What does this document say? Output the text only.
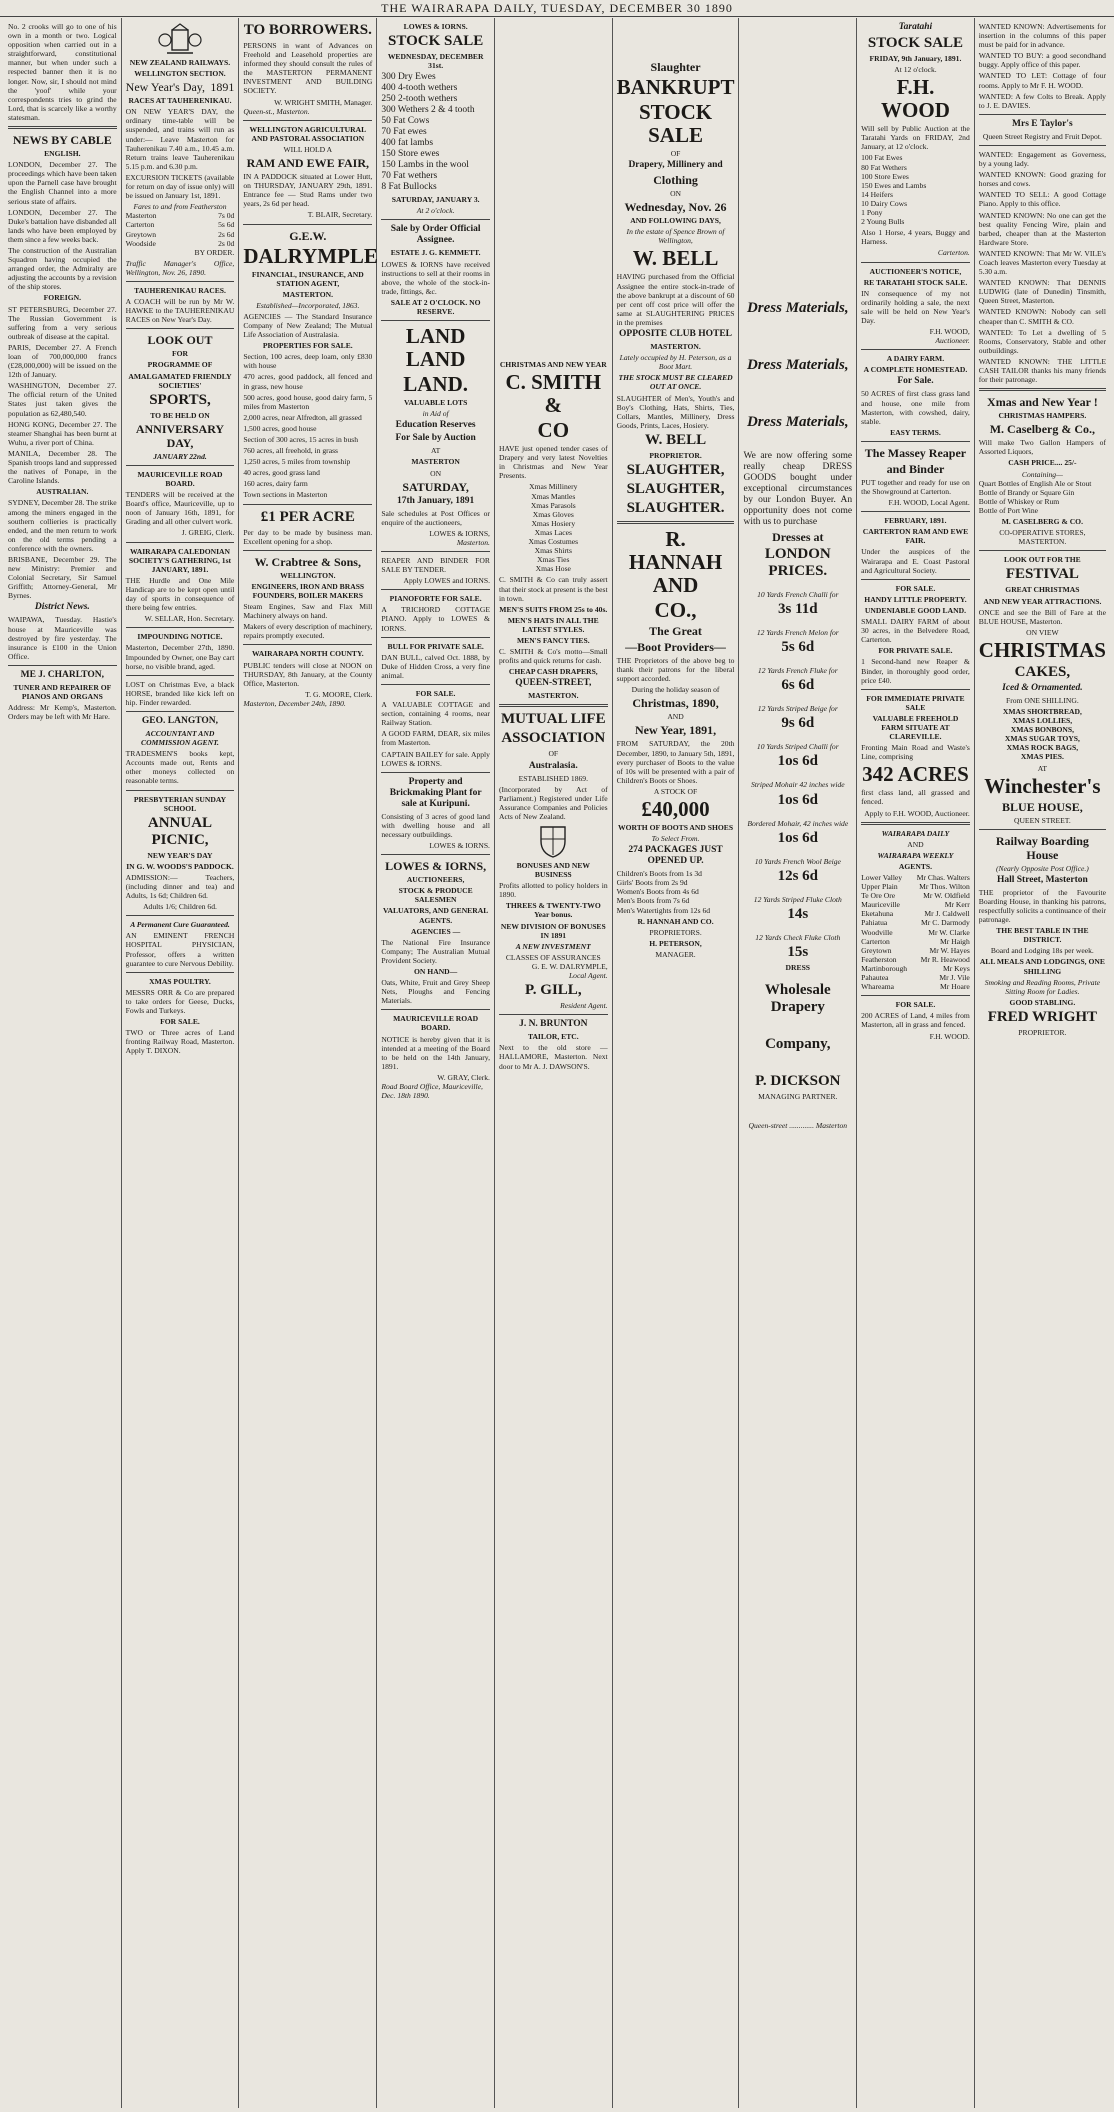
THE WAIRARAPA DAILY, TUESDAY, DECEMBER 30 1890
No. 2 crooks will go to one of his own in a month or two. Logical opposition when carried out in a straightforward, constitutional manner, but when under such a respected banner then it is no longer. Now, sir, I should not mind the 'yoof' while your correspondents tries to grind the Lord, that is scarcely like a worthy statesman.
NEWS BY CABLE
ENGLISH.
LONDON, December 27. The proceedings which have been taken upon the Parnell case have brought the English Channel into a more serious state of affairs.
LONDON, December 27. The Duke's battalion have disbanded all lands who have been employed by them since a few weeks back.
The construction of the Australian Squadron having occupied the arranged order, the Admiralty are adjusting the accounts by a revision of the ship stores.
FOREIGN.
ST PETERSBURG, December 27. The Russian Government is suffering from a very serious outbreak of disease at the capital.
PARIS, December 27. A French loan of 700,000,000 francs (£28,000,000) will be issued on the 12th of January.
WASHINGTON, December 27. The official return of the United States just taken gives the population as 62,480,540.
HONG KONG, December 27. The steamer Shanghai has been burnt at Wuhu, a river port of China.
MANILA, December 28. The Spanish troops land and suppressed the natives of Ponape, in the Caroline Islands.
AUSTRALIAN.
SYDNEY, December 28. The strike among the miners engaged in the southern collieries is practically ended, and the men return to work on the old terms pending a conference with the owners.
BRISBANE, December 29. The new Ministry: Premier and Colonial Secretary, Sir Samuel Griffith; Attorney-General, Mr Byrnes.
District News.
WAIPAWA, Tuesday. Hastie's house at Mauriceville was destroyed by fire yesterday. The insurance is £100 in the Union Office.
ME J. CHARLTON,
TUNER AND REPAIRER OF PIANOS AND ORGANS
Address: Mr Kemp's, Masterton. Orders may be left with Mr Hare.
NEW ZEALAND RAILWAYS.
WELLINGTON SECTION.
New Year's Day, 1891
RACES AT TAUHERENIKAU.
ON NEW YEAR'S DAY, the ordinary time-table will be suspended, and trains will run as under:— Leave Masterton for Tauherenikau 7.40 a.m., 10.45 a.m. Return trains leave Tauherenikau 5.15 p.m. and 6.30 p.m.
EXCURSION TICKETS (available for return on day of issue only) will be issued on January 1st, 1891.
Fares to and from Featherston
Masterton	7s 0d
Carterton	5s 6d
Greytown	2s 6d
Woodside	2s 0d
BY ORDER.
Traffic Manager's Office, Wellington, Nov. 26, 1890.
TAUHERENIKAU RACES.
A COACH will be run by Mr W. HAWKE to the TAUHERENIKAU RACES on New Year's Day.
LOOK OUT
FOR
PROGRAMME OF
AMALGAMATED FRIENDLY SOCIETIES'
SPORTS,
TO BE HELD ON
ANNIVERSARY DAY,
JANUARY 22nd.
MAURICEVILLE ROAD BOARD.
TENDERS will be received at the Board's office, Mauriceville, up to noon of January 16th, 1891, for Grading and all other culvert work.
J. GREIG, Clerk.
WAIRARAPA CALEDONIAN SOCIETY'S GATHERING, 1st JANUARY, 1891.
THE Hurdle and One Mile Handicap are to be kept open until day of sports in consequence of there being few entries.
W. SELLAR, Hon. Secretary.
IMPOUNDING NOTICE.
Masterton, December 27th, 1890. Impounded by Owner, one Bay cart horse, no visible brand, aged.
LOST on Christmas Eve, a black HORSE, branded like kick left on hip. Finder rewarded.
GEO. LANGTON,
ACCOUNTANT AND COMMISSION AGENT.
TRADESMEN'S books kept, Accounts made out, Rents and other moneys collected on reasonable terms.
PRESBYTERIAN SUNDAY SCHOOL
ANNUAL PICNIC,
NEW YEAR'S DAY
IN G. W. WOODS'S PADDOCK.
ADMISSION:— Teachers, (including dinner and tea) and Adults, 1s 6d; Children 6d.
Adults 1/6; Children 6d.
A Permanent Cure Guaranteed.
AN EMINENT FRENCH HOSPITAL PHYSICIAN, Professor, offers a written guarantee to cure Nervous Debility.
XMAS POULTRY.
MESSRS ORR & Co are prepared to take orders for Geese, Ducks, Fowls and Turkeys.
FOR SALE.
TWO or Three acres of Land fronting Railway Road, Masterton. Apply T. DIXON.
TO BORROWERS.
PERSONS in want of Advances on Freehold and Leasehold properties are informed they should consult the rules of the MASTERTON PERMANENT INVESTMENT AND BUILDING SOCIETY.
W. WRIGHT SMITH, Manager.
Queen-st., Masterton.
WELLINGTON AGRICULTURAL AND PASTORAL ASSOCIATION
WILL HOLD A
RAM AND EWE FAIR,
IN A PADDOCK situated at Lower Hutt, on THURSDAY, JANUARY 29th, 1891. Entrance fee — Stud Rams under two years, 2s 6d per head.
T. BLAIR, Secretary.
G.E.W.
DALRYMPLE
FINANCIAL, INSURANCE, AND STATION AGENT,
MASTERTON.
Established—Incorporated, 1863.
AGENCIES — The Standard Insurance Company of New Zealand; The Mutual Life Association of Australasia.
PROPERTIES FOR SALE.
Section, 100 acres, deep loam, only £830 with house
470 acres, good paddock, all fenced and in grass, new house
500 acres, good house, good dairy farm, 5 miles from Masterton
2,000 acres, near Alfredton, all grassed
1,500 acres, good house
Section of 300 acres, 15 acres in bush
760 acres, all freehold, in grass
1,250 acres, 5 miles from township
40 acres, good grass land
160 acres, dairy farm
Town sections in Masterton
£1 PER ACRE
Per day to be made by business man. Excellent opening for a shop.
W. Crabtree & Sons,
WELLINGTON.
ENGINEERS, IRON AND BRASS FOUNDERS, BOILER MAKERS
Steam Engines, Saw and Flax Mill Machinery always on hand.
Makers of every description of machinery, repairs promptly executed.
WAIRARAPA NORTH COUNTY.
PUBLIC tenders will close at NOON on THURSDAY, 8th January, at the County Office, Masterton.
T. G. MOORE, Clerk.
Masterton, December 24th, 1890.
LOWES & IORNS.
STOCK SALE
WEDNESDAY, DECEMBER 31st.
300 Dry Ewes
400 4-tooth wethers
250 2-tooth wethers
300 Wethers 2 & 4 tooth
50 Fat Cows
70 Fat ewes
400 fat lambs
150 Store ewes
150 Lambs in the wool
70 Fat wethers
8 Fat Bullocks
SATURDAY, JANUARY 3.
At 2 o'clock.
Sale by Order Official Assignee.
ESTATE J. G. KEMMETT.
LOWES & IORNS have received instructions to sell at their rooms in above, the whole of the stock-in-trade, fittings, &c.
SALE AT 2 O'CLOCK. NO RESERVE.
LAND LAND
LAND.
VALUABLE LOTS
in Aid of
Education Reserves
For Sale by Auction
AT
MASTERTON
ON
SATURDAY,
17th January, 1891
Sale schedules at Post Offices or enquire of the auctioneers,
LOWES & IORNS,
Masterton.
REAPER AND BINDER FOR SALE BY TENDER.
Apply LOWES and IORNS.
PIANOFORTE FOR SALE.
A TRICHORD COTTAGE PIANO. Apply to LOWES & IORNS.
BULL FOR PRIVATE SALE.
DAN BULL, calved Oct. 1888, by Duke of Hidden Cross, a very fine animal.
FOR SALE.
A VALUABLE COTTAGE and section, containing 4 rooms, near Railway Station.
A GOOD FARM, DEAR, six miles from Masterton.
CAPTAIN BAILEY for sale. Apply LOWES & IORNS.
Property and Brickmaking Plant for sale at Kuripuni.
Consisting of 3 acres of good land with dwelling house and all necessary outbuildings.
LOWES & IORNS.
LOWES & IORNS,
AUCTIONEERS,
STOCK & PRODUCE SALESMEN
VALUATORS, AND GENERAL AGENTS.
AGENCIES —
The National Fire Insurance Company; The Australian Mutual Provident Society.
ON HAND—
Oats, White, Fruit and Grey Sheep Nets, Ploughs and Fencing Materials.
MAURICEVILLE ROAD BOARD.
NOTICE is hereby given that it is intended at a meeting of the Board to be held on the 14th January, 1891.
W. GRAY, Clerk.
Road Board Office, Mauriceville, Dec. 18th 1890.
CHRISTMAS AND NEW YEAR
C. SMITH &
CO
HAVE just opened tender cases of Drapery and very latest Novelties in Christmas and New Year Presents.
Xmas Millinery
Xmas Mantles
Xmas Parasols
Xmas Gloves
Xmas Hosiery
Xmas Laces
Xmas Costumes
Xmas Shirts
Xmas Ties
Xmas Hose
C. SMITH & Co can truly assert that their stock at present is the best in town.
MEN'S SUITS FROM 25s to 40s.
MEN'S HATS IN ALL THE LATEST STYLES.
MEN'S FANCY TIES.
C. SMITH & Co's motto—Small profits and quick returns for cash.
CHEAP CASH DRAPERS,
QUEEN-STREET,
MASTERTON.
MUTUAL LIFE
ASSOCIATION
OF
Australasia.
ESTABLISHED 1869.
(Incorporated by Act of Parliament.) Registered under Life Assurance Companies and Policies Acts of New Zealand.
BONUSES AND NEW BUSINESS
Profits allotted to policy holders in 1890.
THREES & TWENTY-TWO Year bonus.
NEW DIVISION OF BONUSES IN 1891
A NEW INVESTMENT
CLASSES OF ASSURANCES
G. E. W. DALRYMPLE,
Local Agent.
P. GILL,
Resident Agent.
J. N. BRUNTON
TAILOR, ETC.
Next to the old store — HALLAMORE, Masterton. Next door to Mr A. J. DAWSON'S.
Slaughter
BANKRUPT
STOCK SALE
OF
Drapery, Millinery and
Clothing
ON
Wednesday, Nov. 26
AND FOLLOWING DAYS,
In the estate of Spence Brown of Wellington,
W. BELL
HAVING purchased from the Official Assignee the entire stock-in-trade of the above bankrupt at a discount of 60 per cent off cost price will offer the same at SLAUGHTERING PRICES in the premises
OPPOSITE CLUB HOTEL
MASTERTON.
Lately occupied by H. Peterson, as a Boot Mart.
THE STOCK MUST BE CLEARED OUT AT ONCE.
SLAUGHTER of Men's, Youth's and Boy's Clothing, Hats, Shirts, Ties, Collars, Mantles, Millinery, Dress Goods, Prints, Laces, Hosiery.
W. BELL
PROPRIETOR.
SLAUGHTER,
SLAUGHTER,
SLAUGHTER.
R. HANNAH AND
CO.,
The Great
—Boot Providers—
THE Proprietors of the above beg to thank their patrons for the liberal support accorded.
During the holiday season of
Christmas, 1890,
AND
New Year, 1891,
FROM SATURDAY, the 20th December, 1890, to January 5th, 1891, every purchaser of Boots to the value of 10s will be presented with a pair of Children's Boots or Shoes.
A STOCK OF
£40,000
WORTH OF BOOTS AND SHOES
To Select From.
274 PACKAGES JUST OPENED UP.
Children's Boots from 1s 3d
Girls' Boots from 2s 9d
Women's Boots from 4s 6d
Men's Boots from 7s 6d
Men's Watertights from 12s 6d
R. HANNAH AND CO.
PROPRIETORS.
H. PETERSON,
MANAGER.
Dress Materials,
Dress Materials,
Dress Materials,
We are now offering some really cheap DRESS GOODS bought under exceptional circumstances by our London Buyer. An opportunity does not come with us to purchase
Dresses at
LONDON PRICES.
10 Yards French Challi for
3s 11d
12 Yards French Melon for
5s 6d
12 Yards French Fluke for
6s 6d
12 Yards Striped Beige for
9s 6d
10 Yards Striped Challi for
1os 6d
Striped Mohair 42 inches wide
1os 6d
Bordered Mohair, 42 inches wide
1os 6d
10 Yards French Wool Beige
12s 6d
12 Yards Striped Fluke Cloth
14s
12 Yards Check Fluke Cloth
15s
DRESS
Wholesale Drapery
Company,
P. DICKSON
MANAGING PARTNER.
Queen-street ............. Masterton
Taratahi
STOCK SALE
FRIDAY, 9th January, 1891.
At 12 o'clock.
F.H. WOOD
Will sell by Public Auction at the Taratahi Yards on FRIDAY, 2nd January, at 12 o'clock.
100 Fat Ewes
80 Fat Wethers
100 Store Ewes
150 Ewes and Lambs
14 Heifers
10 Dairy Cows
1 Pony
2 Young Bulls
Also 1 Horse, 4 years, Buggy and Harness.
Carterton.
AUCTIONEER'S NOTICE,
RE TARATAHI STOCK SALE.
IN consequence of my not ordinarily holding a sale, the next sale will be held on New Year's Day.
F.H. WOOD,
Auctioneer.
A DAIRY FARM.
A COMPLETE HOMESTEAD.
For Sale.
50 ACRES of first class grass land and house, one mile from Masterton, with cowshed, dairy, stable.
EASY TERMS.
The Massey Reaper
and Binder
PUT together and ready for use on the Showground at Carterton.
F.H. WOOD, Local Agent.
FEBRUARY, 1891.
CARTERTON RAM AND EWE FAIR.
Under the auspices of the Wairarapa and E. Coast Pastoral and Agricultural Society.
FOR SALE.
HANDY LITTLE PROPERTY.
UNDENIABLE GOOD LAND.
SMALL DAIRY FARM of about 30 acres, in the Belvedere Road, Carterton.
FOR PRIVATE SALE.
1 Second-hand new Reaper & Binder, in thoroughly good order, price £40.
FOR IMMEDIATE PRIVATE SALE
VALUABLE FREEHOLD FARM SITUATE AT CLAREVILLE.
Fronting Main Road and Waste's Line, comprising
342 ACRES
first class land, all grassed and fenced.
Apply to F.H. WOOD, Auctioneer.
WAIRARAPA DAILY
AND
WAIRARAPA WEEKLY
AGENTS.
Lower Valley Mr Chas. Walters
Upper Plain	Mr Thos. Wilton
Te Ore Ore	Mr W. Oldfield
Mauriceville	Mr Kerr
Eketahuna	Mr J. Caldwell
Pahiatua	Mr C. Darmody
Woodville	Mr W. Clarke
Carterton	Mr Haigh
Greytown	Mr W. Hayes
Featherston	Mr R. Heawood
Martinborough	Mr Keys
Pahautea	Mr J. Vile
Whareama	Mr Hoare
FOR SALE.
200 ACRES of Land, 4 miles from Masterton, all in grass and fenced.
F.H. WOOD.
WANTED KNOWN: Advertisements for insertion in the columns of this paper must be paid for in advance.
WANTED TO BUY: a good secondhand buggy. Apply office of this paper.
WANTED TO LET: Cottage of four rooms. Apply to Mr F. H. WOOD.
WANTED: A few Colts to Break. Apply to J. E. DAVIES.
Mrs E Taylor's
Queen Street Registry and Fruit Depot.
WANTED: Engagement as Governess, by a young lady.
WANTED KNOWN: Good grazing for horses and cows.
WANTED TO SELL: A good Cottage Piano. Apply to this office.
WANTED KNOWN: No one can get the best quality Fencing Wire, plain and barbed, cheaper than at the Masterton Hardware Store.
WANTED KNOWN: That Mr W. VILE's Coach leaves Masterton every Tuesday at 5.30 a.m.
WANTED KNOWN: That DENNIS LUDWIG (late of Dunedin) Tinsmith, Queen Street, Masterton.
WANTED KNOWN: Nobody can sell cheaper than C. SMITH & CO.
WANTED: To Let a dwelling of 5 Rooms, Conservatory, Stable and other outbuildings.
WANTED KNOWN: THE LITTLE CASH TAILOR thanks his many friends for their patronage.
Xmas and New Year !
CHRISTMAS HAMPERS.
M. Caselberg & Co.,
Will make Two Gallon Hampers of Assorted Liquors,
CASH PRICE.... 25/-
Containing—
Quart Bottles of English Ale or Stout
Bottle of Brandy or Square Gin
Bottle of Whiskey or Rum
Bottle of Port Wine
M. CASELBERG & CO.
CO-OPERATIVE STORES, MASTERTON.
LOOK OUT FOR THE
FESTIVAL
GREAT CHRISTMAS
AND NEW YEAR ATTRACTIONS.
ONCE and see the Bill of Fare at the BLUE HOUSE, Masterton.
ON VIEW
CHRISTMAS
CAKES,
Iced & Ornamented.
From ONE SHILLING.
XMAS SHORTBREAD,
XMAS LOLLIES,
XMAS BONBONS,
XMAS SUGAR TOYS,
XMAS ROCK BAGS,
XMAS PIES.
AT
Winchester's
BLUE HOUSE,
QUEEN STREET.
Railway Boarding House
(Nearly Opposite Post Office.)
Hall Street, Masterton
THE proprietor of the Favourite Boarding House, in thanking his patrons, respectfully solicits a continuance of their patronage.
THE BEST TABLE IN THE DISTRICT.
Board and Lodging 18s per week.
ALL MEALS AND LODGINGS, ONE SHILLING
Smoking and Reading Rooms, Private Sitting Room for Ladies.
GOOD STABLING.
FRED WRIGHT
PROPRIETOR.
